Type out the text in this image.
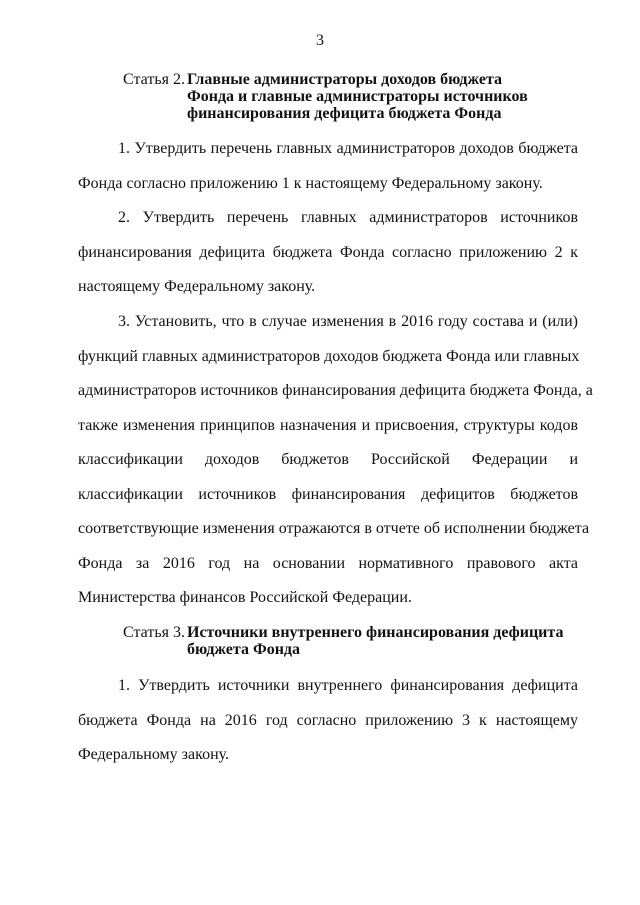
3
Статья 2. Главные администраторы доходов бюджета
Фонда и главные администраторы источников
финансирования дефицита бюджета Фонда
1. Утвердить перечень главных администраторов доходов бюджета
Фонда согласно приложению 1 к настоящему Федеральному закону.
2. Утвердить перечень главных администраторов источников
финансирования дефицита бюджета Фонда согласно приложению 2 к
настоящему Федеральному закону.
3. Установить, что в случае изменения в 2016 году состава и (или)
функций главных администраторов доходов бюджета Фонда или главных
администраторов источников финансирования дефицита бюджета Фонда, а
также изменения принципов назначения и присвоения, структуры кодов
классификации доходов бюджетов Российской Федерации и
классификации источников финансирования дефицитов бюджетов
соответствующие изменения отражаются в отчете об исполнении бюджета
Фонда за 2016 год на основании нормативного правового акта
Министерства финансов Российской Федерации.
Статья 3. Источники внутреннего финансирования дефицита
бюджета Фонда
1. Утвердить источники внутреннего финансирования дефицита
бюджета Фонда на 2016 год согласно приложению 3 к настоящему
Федеральному закону.
